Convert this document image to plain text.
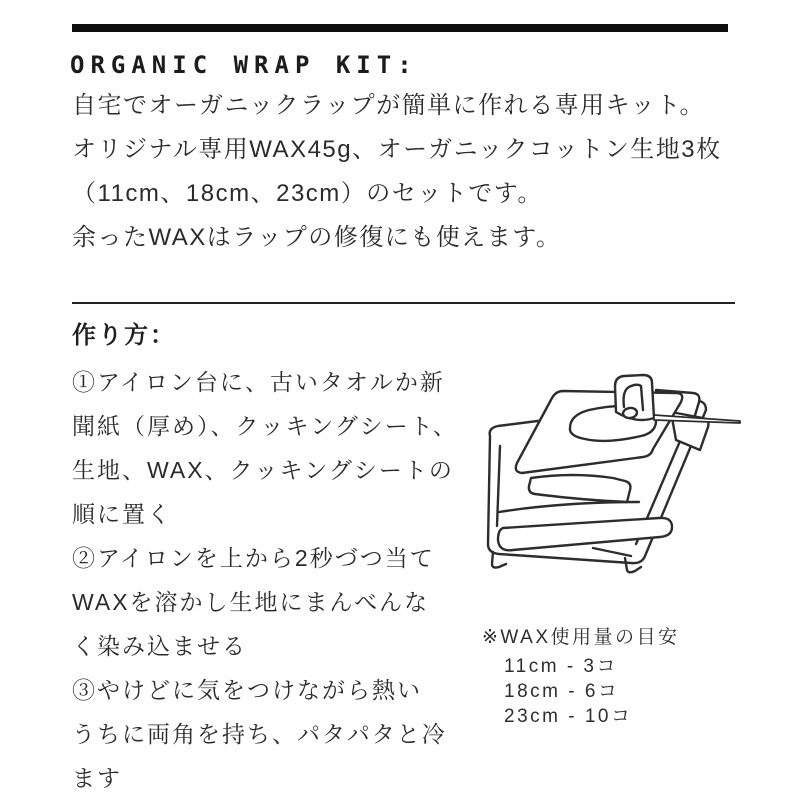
ORGANIC WRAP KIT:
自宅でオーガニックラップが簡単に作れる専用キット。
オリジナル専用WAX45g、オーガニックコットン生地3枚
（11cm、18cm、23cm）のセットです。
余ったWAXはラップの修復にも使えます。
作り方：
①アイロン台に、古いタオルか新
聞紙（厚め）、クッキングシート、
生地、WAX、クッキングシートの
順に置く
②アイロンを上から2秒づつ当て
WAXを溶かし生地にまんべんな
く染み込ませる
③やけどに気をつけながら熱い
うちに両角を持ち、パタパタと冷
ます
※WAX使用量の目安
11cm - 3コ
18cm - 6コ
23cm - 10コ
